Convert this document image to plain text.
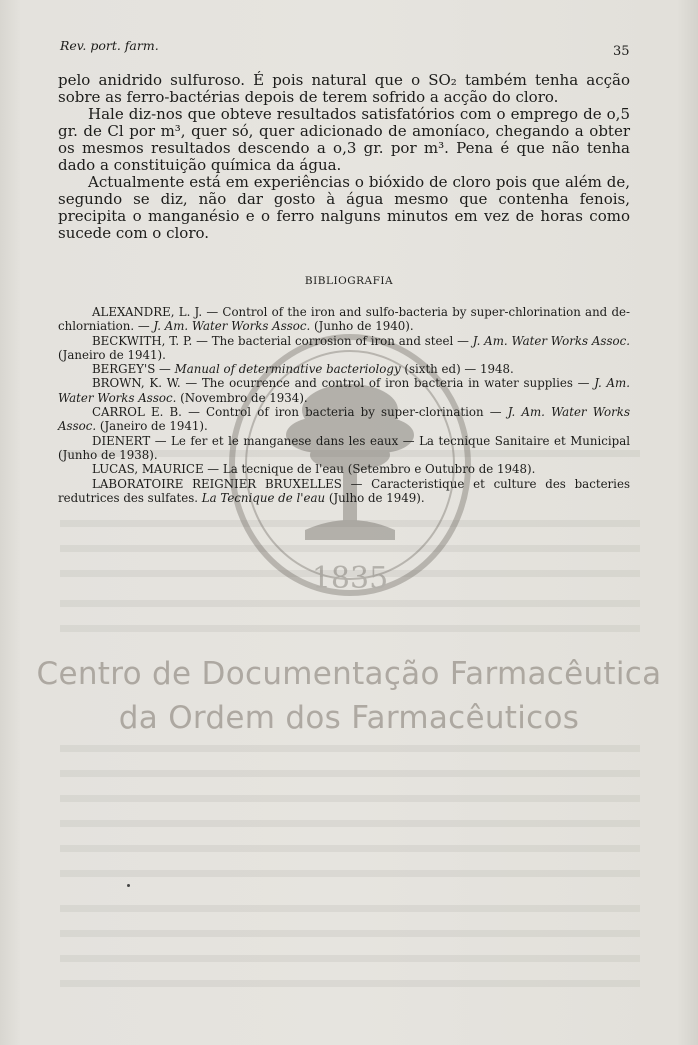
Rev. port. farm.	35

pelo anidrido sulfuroso. É pois natural que o SO₂ também tenha acção sobre as ferro-bactérias depois de terem sofrido a acção do cloro.

Hale diz-nos que obteve resultados satisfatórios com o emprego de o,5 gr. de Cl por m³, quer só, quer adicionado de amoníaco, chegando a obter os mesmos resultados descendo a o,3 gr. por m³. Pena é que não tenha dado a constituição química da água.

Actualmente está em experiências o bióxido de cloro pois que além de, segundo se diz, não dar gosto à água mesmo que contenha fenois, precipita o manganésio e o ferro nalguns minutos em vez de horas como sucede com o cloro.

BIBLIOGRAFIA
1835

ALEXANDRE, L. J. — Control of the iron and sulfo-bacteria by super-chlorination and de-chlorniation. — J. Am. Water Works Assoc. (Junho de 1940).

BECKWITH, T. P. — The bacterial corrosion of iron and steel — J. Am. Water Works Assoc. (Janeiro de 1941).

BERGEY'S — Manual of determinative bacteriology (sixth ed) — 1948.

BROWN, K. W. — The ocurrence and control of iron bacteria in water supplies — J. Am. Water Works Assoc. (Novembro de 1934).

CARROL E. B. — Control of iron bacteria by super-clorination — J. Am. Water Works Assoc. (Janeiro de 1941).

DIENERT — Le fer et le manganese dans les eaux — La tecnique Sanitaire et Municipal (Junho de 1938).

LUCAS, MAURICE — La tecnique de l'eau (Setembro e Outubro de 1948).

LABORATOIRE REIGNIER BRUXELLES — Caracteristique et culture des bacteries redutrices des sulfates. La Tecnique de l'eau (Julho de 1949).

Centro de Documentação Farmacêutica
da Ordem dos Farmacêuticos
